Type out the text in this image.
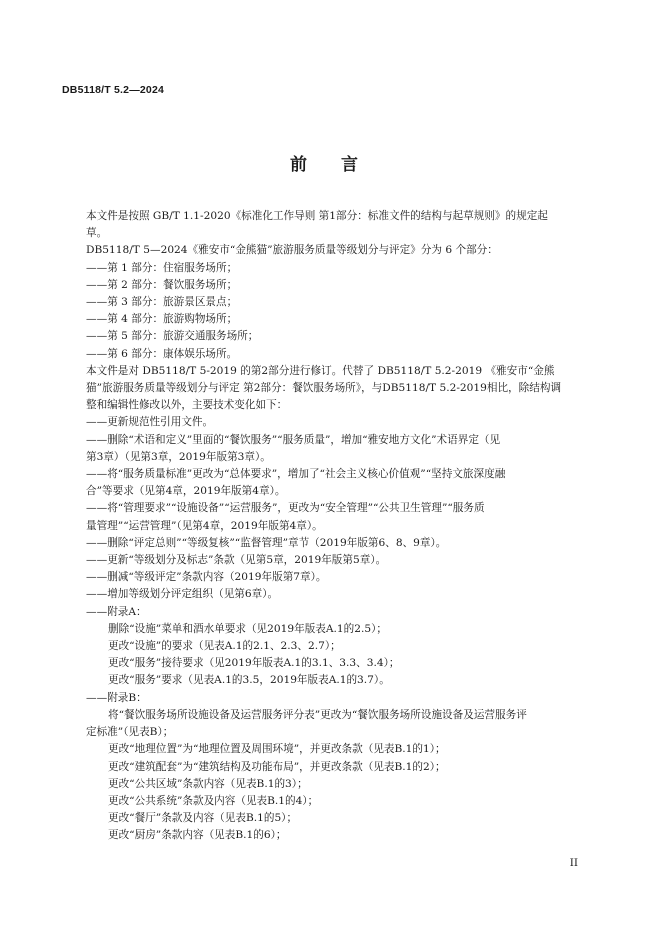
DB5118/T 5.2—2024
前 言

本文件是按照 GB/T 1.1-2020《标准化工作导则 第1部分：标准文件的结构与起草规则》的规定起

草。

DB5118/T 5—2024《雅安市“金熊猫”旅游服务质量等级划分与评定》分为 6 个部分：

——第 1 部分：住宿服务场所；

——第 2 部分：餐饮服务场所；

——第 3 部分：旅游景区景点；

——第 4 部分：旅游购物场所；

——第 5 部分：旅游交通服务场所；

——第 6 部分：康体娱乐场所。

本文件是对 DB5118/T 5-2019 的第2部分进行修订。代替了 DB5118/T 5.2-2019 《雅安市“金熊

猫”旅游服务质量等级划分与评定 第2部分：餐饮服务场所》，与DB5118/T 5.2-2019相比，除结构调

整和编辑性修改以外，主要技术变化如下：

——更新规范性引用文件。

——删除“术语和定义”里面的“餐饮服务”“服务质量”，增加“雅安地方文化”术语界定（见

第3章）（见第3章，2019年版第3章）。

——将“服务质量标准”更改为“总体要求”，增加了“社会主义核心价值观”“坚持文旅深度融

合”等要求（见第4章，2019年版第4章）。

——将“管理要求”“设施设备”“运营服务”，更改为“安全管理”“公共卫生管理”“服务质

量管理”“运营管理”（见第4章，2019年版第4章）。

——删除“评定总则”“等级复核”“监督管理”章节（2019年版第6、8、9章）。

——更新“等级划分及标志”条款（见第5章，2019年版第5章）。

——删减“等级评定”条款内容（2019年版第7章）。

——增加等级划分评定组织（见第6章）。

——附录A：

删除“设施”菜单和酒水单要求（见2019年版表A.1的2.5）；

更改“设施”的要求（见表A.1的2.1、2.3、2.7）；

更改“服务”接待要求（见2019年版表A.1的3.1、3.3、3.4）；

更改“服务”要求（见表A.1的3.5，2019年版表A.1的3.7）。

——附录B：

将“餐饮服务场所设施设备及运营服务评分表”更改为“餐饮服务场所设施设备及运营服务评

定标准”（见表B）；

更改“地理位置”为“地理位置及周围环境”，并更改条款（见表B.1的1）；

更改“建筑配套”为“建筑结构及功能布局”，并更改条款（见表B.1的2）；

更改“公共区域”条款内容（见表B.1的3）；

更改“公共系统”条款及内容（见表B.1的4）；

更改“餐厅”条款及内容（见表B.1的5）；

更改“厨房”条款内容（见表B.1的6）；

II
